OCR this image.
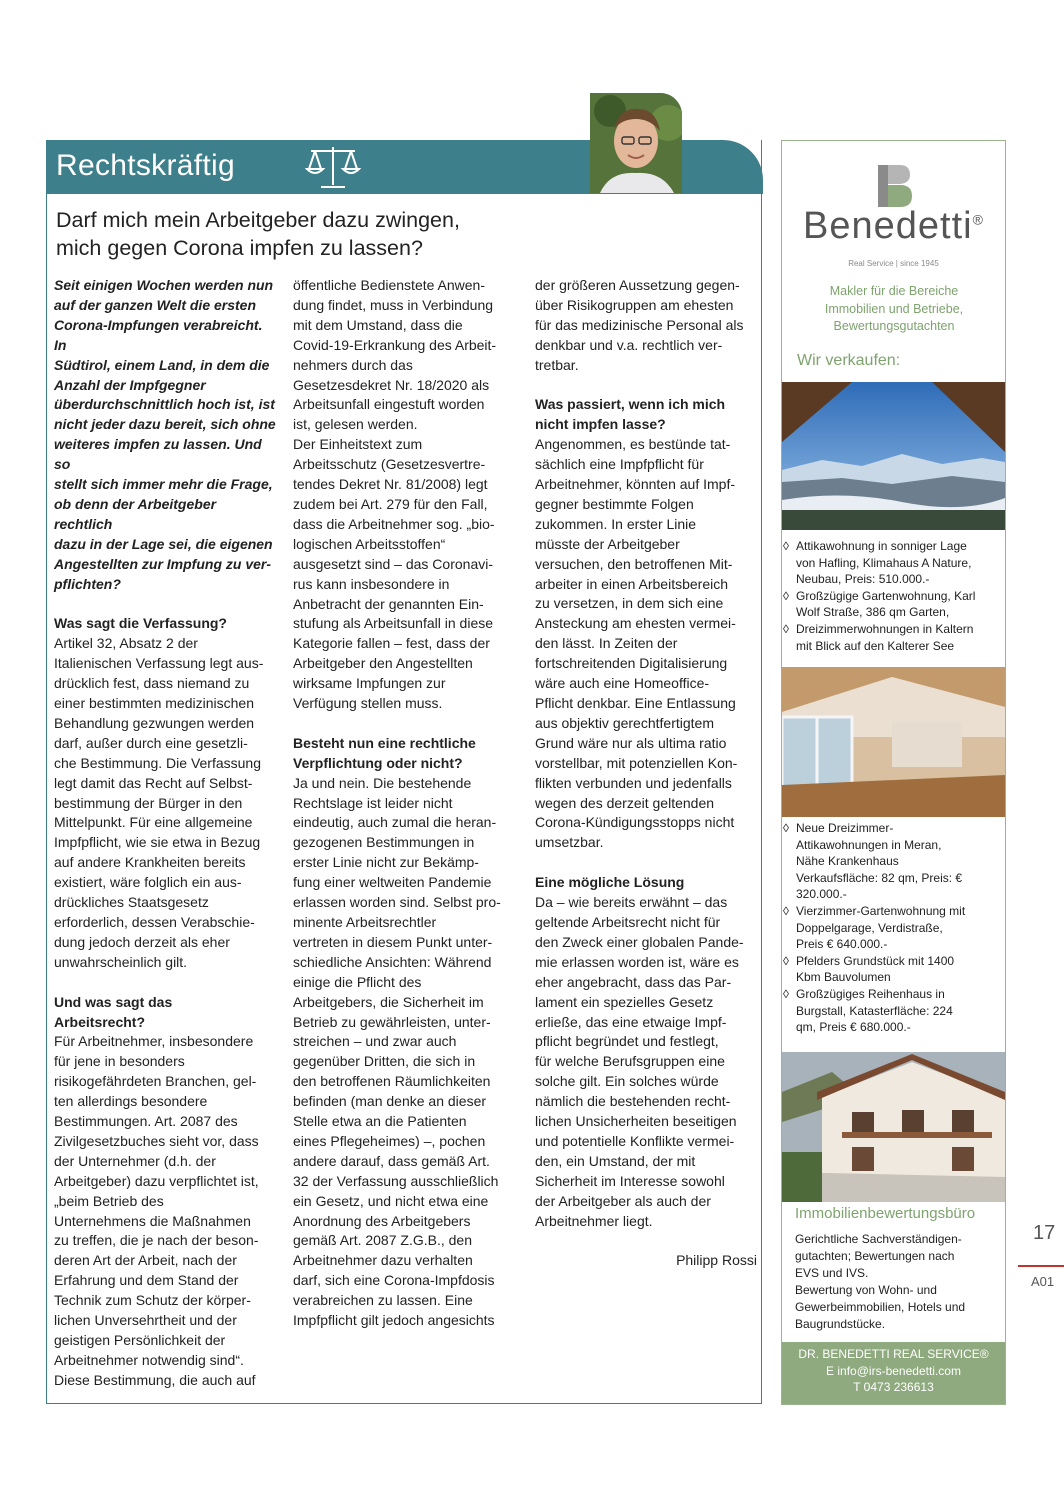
Rechtskräftig
Darf mich mein Arbeitgeber dazu zwingen,
mich gegen Corona impfen zu lassen?

Seit einigen Wochen werden nun
auf der ganzen Welt die ersten
Corona-Impfungen verabreicht. In
Südtirol, einem Land, in dem die
Anzahl der Impfgegner
überdurchschnittlich hoch ist, ist
nicht jeder dazu bereit, sich ohne
weiteres impfen zu lassen. Und so
stellt sich immer mehr die Frage,
ob denn der Arbeitgeber rechtlich
dazu in der Lage sei, die eigenen
Angestellten zur Impfung zu ver-
pflichten?

Was sagt die Verfassung?

Artikel 32, Absatz 2 der
Italienischen Verfassung legt aus-
drücklich fest, dass niemand zu
einer bestimmten medizinischen
Behandlung gezwungen werden
darf, außer durch eine gesetzli-
che Bestimmung. Die Verfassung
legt damit das Recht auf Selbst-
bestimmung der Bürger in den
Mittelpunkt. Für eine allgemeine
Impfpflicht, wie sie etwa in Bezug
auf andere Krankheiten bereits
existiert, wäre folglich ein aus-
drückliches Staatsgesetz
erforderlich, dessen Verabschie-
dung jedoch derzeit als eher
unwahrscheinlich gilt.

Und was sagt das
Arbeitsrecht?

Für Arbeitnehmer, insbesondere
für jene in besonders
risikogefährdeten Branchen, gel-
ten allerdings besondere
Bestimmungen. Art. 2087 des
Zivilgesetzbuches sieht vor, dass
der Unternehmer (d.h. der
Arbeitgeber) dazu verpflichtet ist,
„beim Betrieb des
Unternehmens die Maßnahmen
zu treffen, die je nach der beson-
deren Art der Arbeit, nach der
Erfahrung und dem Stand der
Technik zum Schutz der körper-
lichen Unversehrtheit und der
geistigen Persönlichkeit der
Arbeitnehmer notwendig sind“.
Diese Bestimmung, die auch auf

öffentliche Bedienstete Anwen-
dung findet, muss in Verbindung
mit dem Umstand, dass die
Covid-19-Erkrankung des Arbeit-
nehmers durch das
Gesetzesdekret Nr. 18/2020 als
Arbeitsunfall eingestuft worden
ist, gelesen werden.
Der Einheitstext zum
Arbeitsschutz (Gesetzesvertre-
tendes Dekret Nr. 81/2008) legt
zudem bei Art. 279 für den Fall,
dass die Arbeitnehmer sog. „bio-
logischen Arbeitsstoffen“
ausgesetzt sind – das Coronavi-
rus kann insbesondere in
Anbetracht der genannten Ein-
stufung als Arbeitsunfall in diese
Kategorie fallen – fest, dass der
Arbeitgeber den Angestellten
wirksame Impfungen zur
Verfügung stellen muss.

Besteht nun eine rechtliche
Verpflichtung oder nicht?

Ja und nein. Die bestehende
Rechtslage ist leider nicht
eindeutig, auch zumal die heran-
gezogenen Bestimmungen in
erster Linie nicht zur Bekämp-
fung einer weltweiten Pandemie
erlassen worden sind. Selbst pro-
minente Arbeitsrechtler
vertreten in diesem Punkt unter-
schiedliche Ansichten: Während
einige die Pflicht des
Arbeitgebers, die Sicherheit im
Betrieb zu gewährleisten, unter-
streichen – und zwar auch
gegenüber Dritten, die sich in
den betroffenen Räumlichkeiten
befinden (man denke an dieser
Stelle etwa an die Patienten
eines Pflegeheimes) –, pochen
andere darauf, dass gemäß Art.
32 der Verfassung ausschließlich
ein Gesetz, und nicht etwa eine
Anordnung des Arbeitgebers
gemäß Art. 2087 Z.G.B., den
Arbeitnehmer dazu verhalten
darf, sich eine Corona-Impfdosis
verabreichen zu lassen. Eine
Impfpflicht gilt jedoch angesichts

der größeren Aussetzung gegen-
über Risikogruppen am ehesten
für das medizinische Personal als
denkbar und v.a. rechtlich ver-
tretbar.

Was passiert, wenn ich mich
nicht impfen lasse?

Angenommen, es bestünde tat-
sächlich eine Impfpflicht für
Arbeitnehmer, könnten auf Impf-
gegner bestimmte Folgen
zukommen. In erster Linie
müsste der Arbeitgeber
versuchen, den betroffenen Mit-
arbeiter in einen Arbeitsbereich
zu versetzen, in dem sich eine
Ansteckung am ehesten vermei-
den lässt. In Zeiten der
fortschreitenden Digitalisierung
wäre auch eine Homeoffice-
Pflicht denkbar. Eine Entlassung
aus objektiv gerechtfertigtem
Grund wäre nur als ultima ratio
vorstellbar, mit potenziellen Kon-
flikten verbunden und jedenfalls
wegen des derzeit geltenden
Corona-Kündigungsstopps nicht
umsetzbar.

Eine mögliche Lösung

Da – wie bereits erwähnt – das
geltende Arbeitsrecht nicht für
den Zweck einer globalen Pande-
mie erlassen worden ist, wäre es
eher angebracht, dass das Par-
lament ein spezielles Gesetz
erließe, das eine etwaige Impf-
pflicht begründet und festlegt,
für welche Berufsgruppen eine
solche gilt. Ein solches würde
nämlich die bestehenden recht-
lichen Unsicherheiten beseitigen
und potentielle Konflikte vermei-
den, ein Umstand, der mit
Sicherheit im Interesse sowohl
der Arbeitgeber als auch der
Arbeitnehmer liegt.

Philipp Rossi

Benedetti®
Real Service | since 1945
Makler für die Bereiche
Immobilien und Betriebe,
Bewertungsgutachten
Wir verkaufen:
◊ Attikawohnung in sonniger Lage
von Hafling, Klimahaus A Nature,
Neubau, Preis: 510.000.-
◊ Großzügige Gartenwohnung, Karl
Wolf Straße, 386 qm Garten,
◊ Dreizimmerwohnungen in Kaltern
mit Blick auf den Kalterer See
◊ Neue Dreizimmer-
Attikawohnungen in Meran,
Nähe Krankenhaus
Verkaufsfläche: 82 qm, Preis: €
320.000.-
◊ Vierzimmer-Gartenwohnung mit
Doppelgarage, Verdistraße,
Preis € 640.000.-
◊ Pfelders Grundstück mit 1400
Kbm Bauvolumen
◊ Großzügiges Reihenhaus in
Burgstall, Katasterfläche: 224
qm, Preis € 680.000.-
Immobilienbewertungsbüro
Gerichtliche Sachverständigen-
gutachten; Bewertungen nach
EVS und IVS.
Bewertung von Wohn- und
Gewerbeimmobilien, Hotels und
Baugrundstücke.
DR. BENEDETTI REAL SERVICE®
E info@irs-benedetti.com
T 0473 236613
17
A01
